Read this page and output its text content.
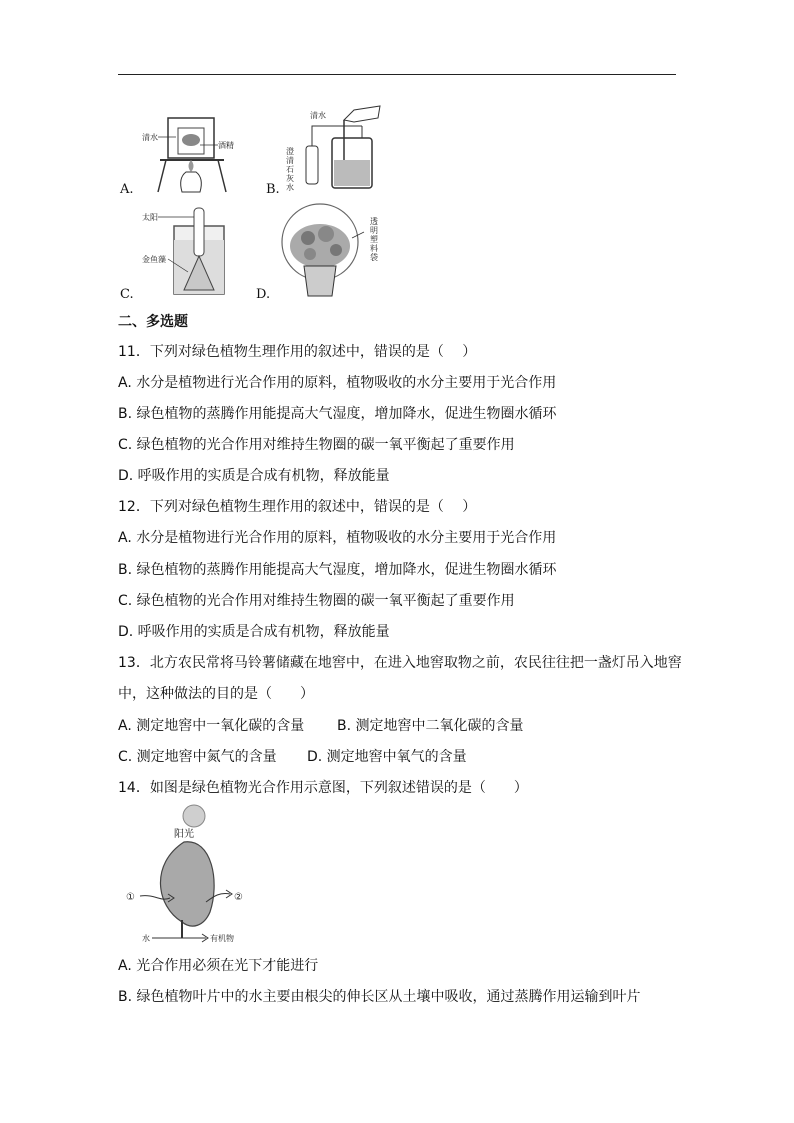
清水
酒精
A.
清水
澄清石灰水
B.
太阳
金鱼藻
C.
透明塑料袋
D.
二、多选题
11．下列对绿色植物生理作用的叙述中，错误的是（　 ）
A. 水分是植物进行光合作用的原料，植物吸收的水分主要用于光合作用
B. 绿色植物的蒸腾作用能提高大气湿度，增加降水，促进生物圈水循环
C. 绿色植物的光合作用对维持生物圈的碳一氧平衡起了重要作用
D. 呼吸作用的实质是合成有机物，释放能量
12．下列对绿色植物生理作用的叙述中，错误的是（　 ）
A. 水分是植物进行光合作用的原料，植物吸收的水分主要用于光合作用
B. 绿色植物的蒸腾作用能提高大气湿度，增加降水，促进生物圈水循环
C. 绿色植物的光合作用对维持生物圈的碳一氧平衡起了重要作用
D. 呼吸作用的实质是合成有机物，释放能量
13．北方农民常将马铃薯储藏在地窖中，在进入地窖取物之前，农民往往把一盏灯吊入地窖
中，这种做法的目的是（　　）
A. 测定地窖中一氧化碳的含量 B. 测定地窖中二氧化碳的含量
C. 测定地窖中氮气的含量 D. 测定地窖中氧气的含量
14．如图是绿色植物光合作用示意图，下列叙述错误的是（　　）
阳光
①	②
水	有机物
A. 光合作用必须在光下才能进行
B. 绿色植物叶片中的水主要由根尖的伸长区从土壤中吸收，通过蒸腾作用运输到叶片
